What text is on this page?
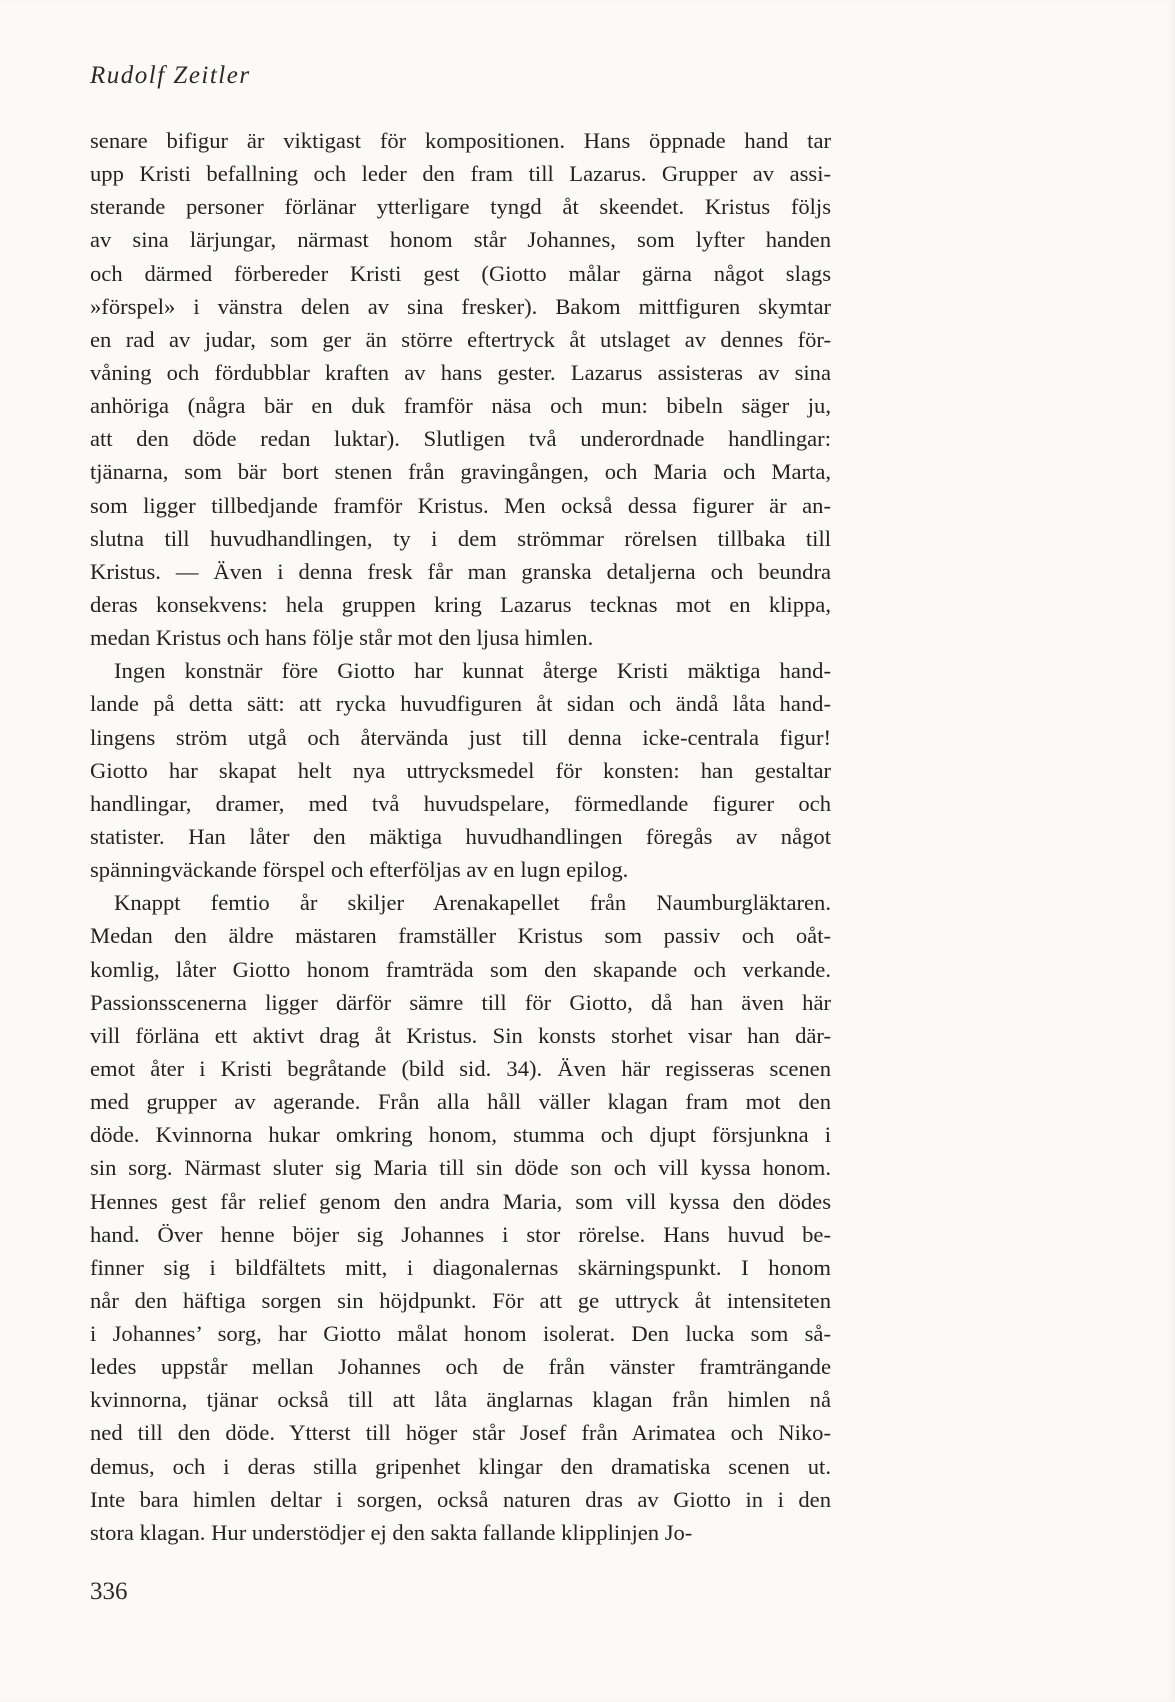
Rudolf Zeitler
senare bifigur är viktigast för kompositionen. Hans öppnade hand tar
upp Kristi befallning och leder den fram till Lazarus. Grupper av assi-
sterande personer förlänar ytterligare tyngd åt skeendet. Kristus följs
av sina lärjungar, närmast honom står Johannes, som lyfter handen
och därmed förbereder Kristi gest (Giotto målar gärna något slags
»förspel» i vänstra delen av sina fresker). Bakom mittfiguren skymtar
en rad av judar, som ger än större eftertryck åt utslaget av dennes för-
våning och fördubblar kraften av hans gester. Lazarus assisteras av sina
anhöriga (några bär en duk framför näsa och mun: bibeln säger ju,
att den döde redan luktar). Slutligen två underordnade handlingar:
tjänarna, som bär bort stenen från gravingången, och Maria och Marta,
som ligger tillbedjande framför Kristus. Men också dessa figurer är an-
slutna till huvudhandlingen, ty i dem strömmar rörelsen tillbaka till
Kristus. — Även i denna fresk får man granska detaljerna och beundra
deras konsekvens: hela gruppen kring Lazarus tecknas mot en klippa,
medan Kristus och hans följe står mot den ljusa himlen.
Ingen konstnär före Giotto har kunnat återge Kristi mäktiga hand-
lande på detta sätt: att rycka huvudfiguren åt sidan och ändå låta hand-
lingens ström utgå och återvända just till denna icke-centrala figur!
Giotto har skapat helt nya uttrycksmedel för konsten: han gestaltar
handlingar, dramer, med två huvudspelare, förmedlande figurer och
statister. Han låter den mäktiga huvudhandlingen föregås av något
spänningväckande förspel och efterföljas av en lugn epilog.
Knappt femtio år skiljer Arenakapellet från Naumburgläktaren.
Medan den äldre mästaren framställer Kristus som passiv och oåt-
komlig, låter Giotto honom framträda som den skapande och verkande.
Passionsscenerna ligger därför sämre till för Giotto, då han även här
vill förläna ett aktivt drag åt Kristus. Sin konsts storhet visar han där-
emot åter i Kristi begråtande (bild sid. 34). Även här regisseras scenen
med grupper av agerande. Från alla håll väller klagan fram mot den
döde. Kvinnorna hukar omkring honom, stumma och djupt försjunkna i
sin sorg. Närmast sluter sig Maria till sin döde son och vill kyssa honom.
Hennes gest får relief genom den andra Maria, som vill kyssa den dödes
hand. Över henne böjer sig Johannes i stor rörelse. Hans huvud be-
finner sig i bildfältets mitt, i diagonalernas skärningspunkt. I honom
når den häftiga sorgen sin höjdpunkt. För att ge uttryck åt intensiteten
i Johannes’ sorg, har Giotto målat honom isolerat. Den lucka som så-
ledes uppstår mellan Johannes och de från vänster framträngande
kvinnorna, tjänar också till att låta änglarnas klagan från himlen nå
ned till den döde. Ytterst till höger står Josef från Arimatea och Niko-
demus, och i deras stilla gripenhet klingar den dramatiska scenen ut.
Inte bara himlen deltar i sorgen, också naturen dras av Giotto in i den
stora klagan. Hur understödjer ej den sakta fallande klipplinjen Jo-
336
